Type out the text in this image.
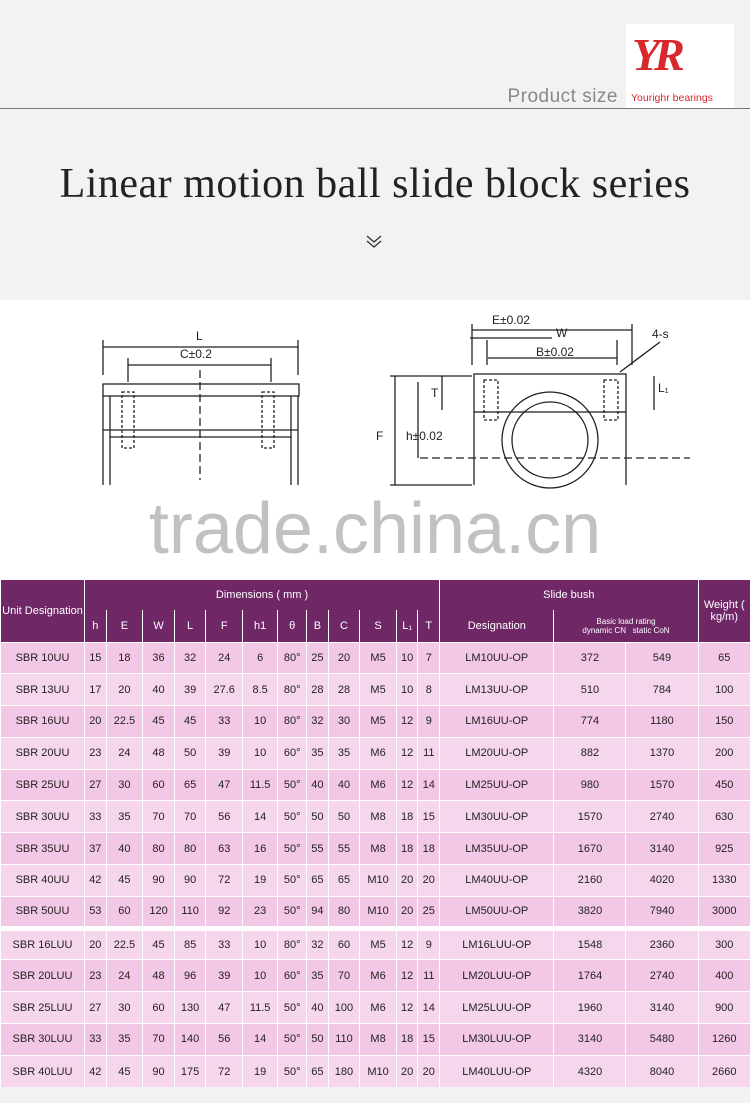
Product size
YR
Yourighr bearings
Linear motion ball slide block series
L
C±0.2
E±0.02
W
B±0.02
4-s
T	L₁
F h±0.02
trade.china.cn
Unit Designation	Dimensions ( mm )												Slide bush			Weight ( kg/m)
	h	E	W	L	F	h1	θ	B	C	S	L₁	T	Designation	Basic load rating
dynamic CN static CoN		

SBR 10UU	15	18	36	32	24	6	80°	25	20	M5	10	7	LM10UU-OP	372	549	65
SBR 13UU	17	20	40	39	27.6	8.5	80°	28	28	M5	10	8	LM13UU-OP	510	784	100
SBR 16UU	20	22.5	45	45	33	10	80°	32	30	M5	12	9	LM16UU-OP	774	1180	150
SBR 20UU	23	24	48	50	39	10	60°	35	35	M6	12	11	LM20UU-OP	882	1370	200
SBR 25UU	27	30	60	65	47	11.5	50°	40	40	M6	12	14	LM25UU-OP	980	1570	450
SBR 30UU	33	35	70	70	56	14	50°	50	50	M8	18	15	LM30UU-OP	1570	2740	630
SBR 35UU	37	40	80	80	63	16	50°	55	55	M8	18	18	LM35UU-OP	1670	3140	925
SBR 40UU	42	45	90	90	72	19	50°	65	65	M10	20	20	LM40UU-OP	2160	4020	1330
SBR 50UU	53	60	120	110	92	23	50°	94	80	M10	20	25	LM50UU-OP	3820	7940	3000
SBR 16LUU	20	22.5	45	85	33	10	80°	32	60	M5	12	9	LM16LUU-OP	1548	2360	300
SBR 20LUU	23	24	48	96	39	10	60°	35	70	M6	12	11	LM20LUU-OP	1764	2740	400
SBR 25LUU	27	30	60	130	47	11.5	50°	40	100	M6	12	14	LM25LUU-OP	1960	3140	900
SBR 30LUU	33	35	70	140	56	14	50°	50	110	M8	18	15	LM30LUU-OP	3140	5480	1260
SBR 40LUU	42	45	90	175	72	19	50°	65	180	M10	20	20	LM40LUU-OP	4320	8040	2660
